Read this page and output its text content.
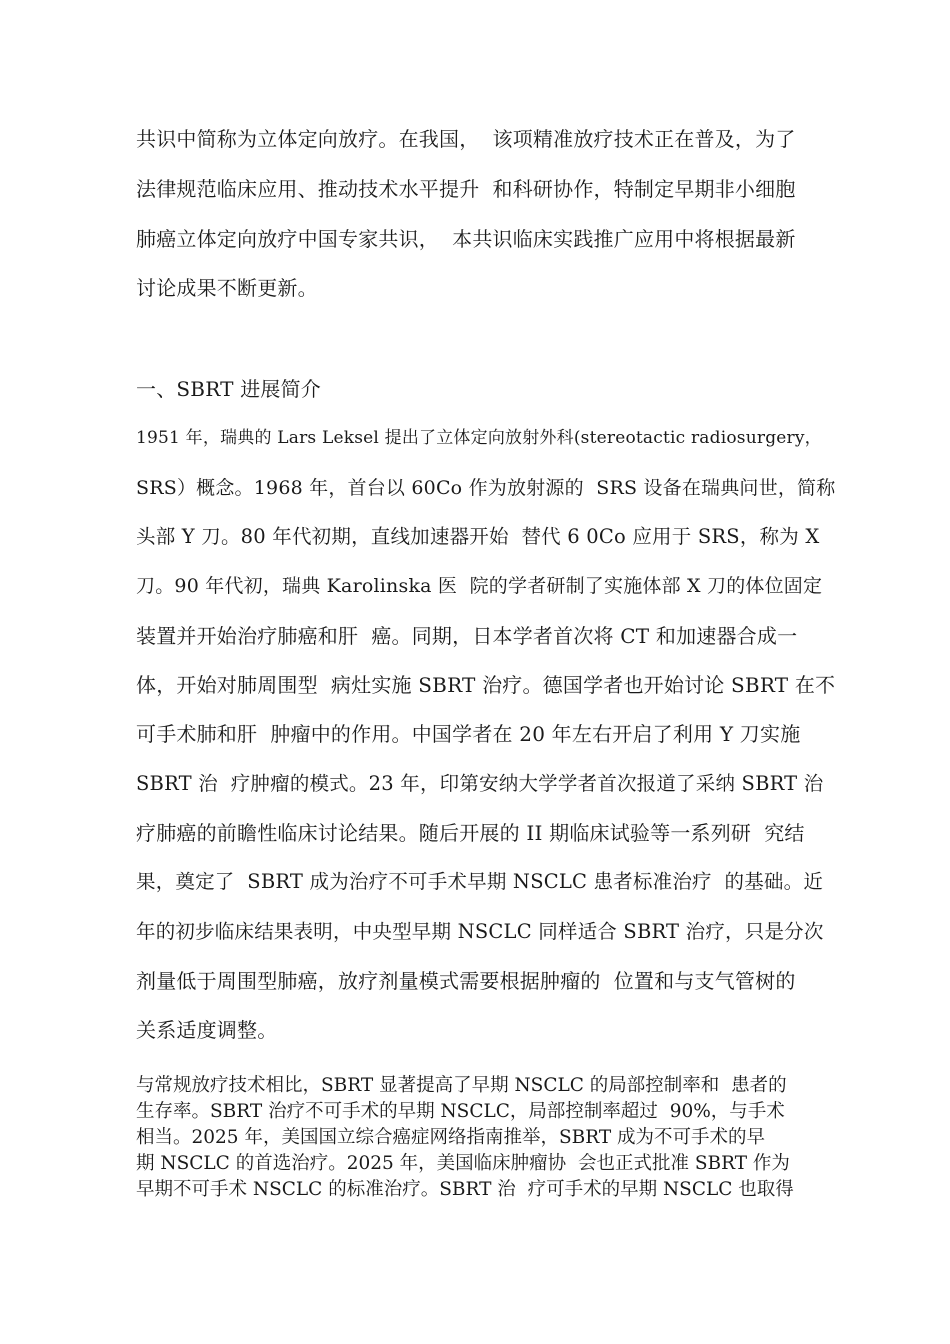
共识中简称为立体定向放疗。在我国，  该项精准放疗技术正在普及，为了
法律规范临床应用、推动技术水平提升  和科研协作，特制定早期非小细胞
肺癌立体定向放疗中国专家共识，  本共识临床实践推广应用中将根据最新
讨论成果不断更新。
一、SBRT 进展简介
1951 年，瑞典的 Lars Leksel 提出了立体定向放射外科(stereotactic radiosurgery，
SRS）概念。1968 年，首台以 60Co 作为放射源的  SRS 设备在瑞典问世，简称
头部 Y 刀。80 年代初期，直线加速器开始  替代 6 0Co 应用于 SRS，称为 X
刀。90 年代初，瑞典 Karolinska 医  院的学者研制了实施体部 X 刀的体位固定
装置并开始治疗肺癌和肝  癌。同期，日本学者首次将 CT 和加速器合成一
体，开始对肺周围型  病灶实施 SBRT 治疗。德国学者也开始讨论 SBRT 在不
可手术肺和肝  肿瘤中的作用。中国学者在 20 年左右开启了利用 Y 刀实施
SBRT 治  疗肿瘤的模式。23 年，印第安纳大学学者首次报道了采纳 SBRT 治
疗肺癌的前瞻性临床讨论结果。随后开展的 II 期临床试验等一系列研  究结
果，奠定了  SBRT 成为治疗不可手术早期 NSCLC 患者标准治疗  的基础。近
年的初步临床结果表明，中央型早期 NSCLC 同样适合 SBRT 治疗，只是分次
剂量低于周围型肺癌，放疗剂量模式需要根据肿瘤的  位置和与支气管树的
关系适度调整。
与常规放疗技术相比，SBRT 显著提高了早期 NSCLC 的局部控制率和  患者的
生存率。SBRT 治疗不可手术的早期 NSCLC，局部控制率超过  90%，与手术
相当。2025 年，美国国立综合癌症网络指南推举，SBRT 成为不可手术的早
期 NSCLC 的首选治疗。2025 年，美国临床肿瘤协  会也正式批准 SBRT 作为
早期不可手术 NSCLC 的标准治疗。SBRT 治  疗可手术的早期 NSCLC 也取得
